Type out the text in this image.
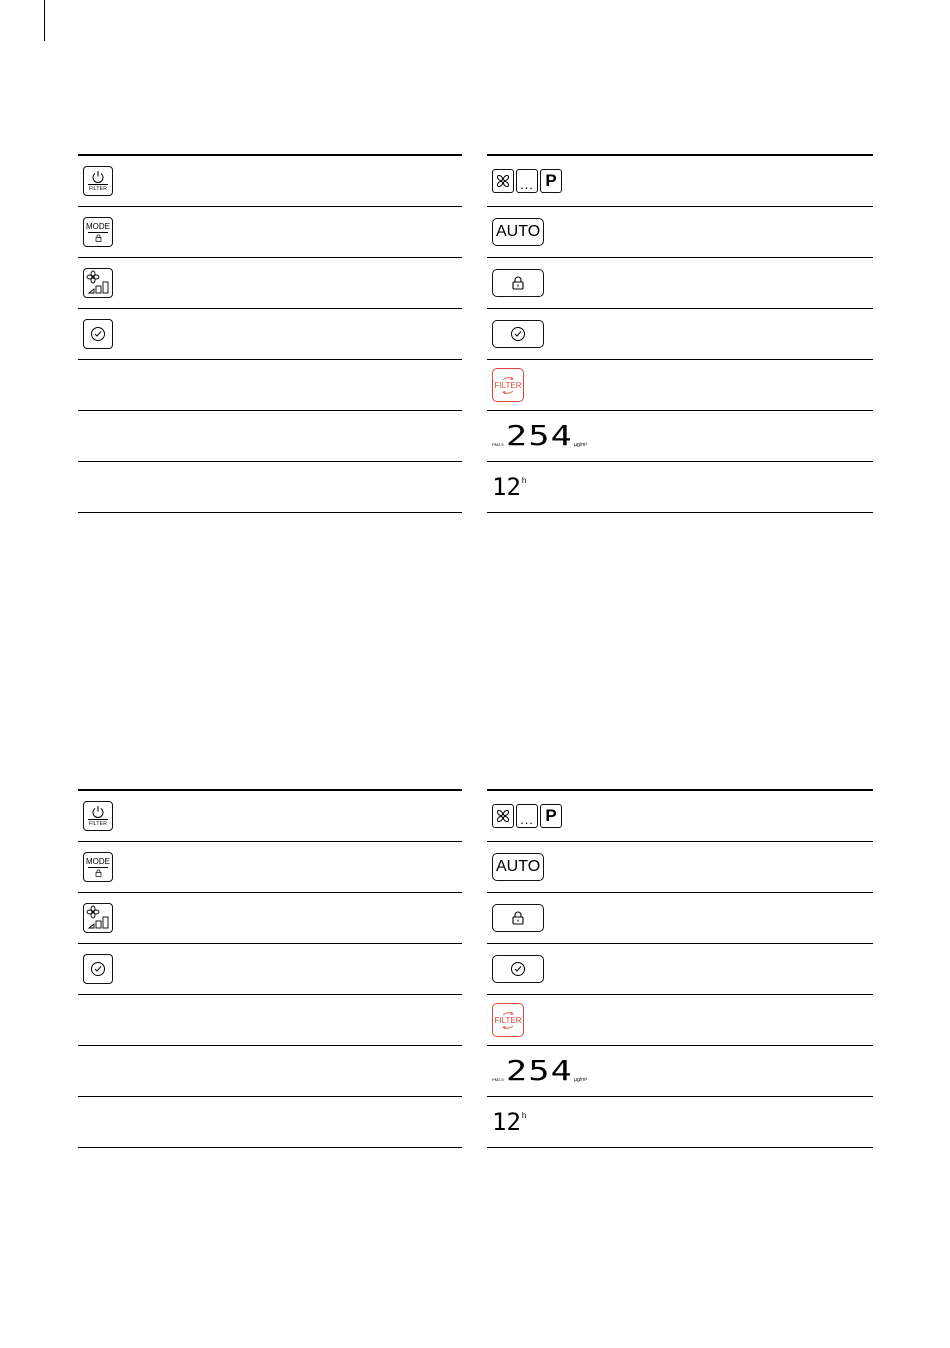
FILTER
MODE
... P
AUTO
FILTER
PM2.5 254 µg/m³
12 h
FILTER
MODE
... P
AUTO
FILTER
PM2.5 254 µg/m³
12 h
